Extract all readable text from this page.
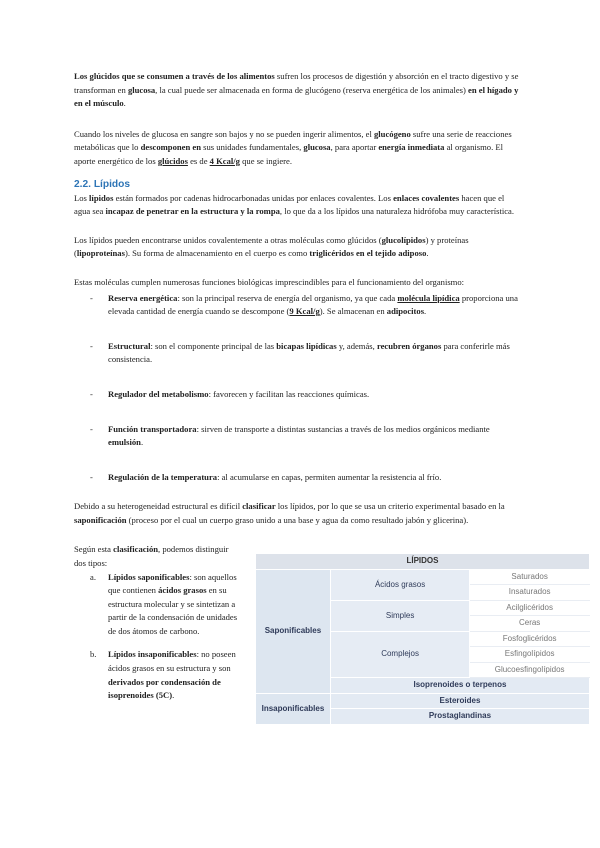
Los glúcidos que se consumen a través de los alimentos sufren los procesos de digestión y absorción en el tracto digestivo y se transforman en glucosa, la cual puede ser almacenada en forma de glucógeno (reserva energética de los animales) en el hígado y en el músculo.

Cuando los niveles de glucosa en sangre son bajos y no se pueden ingerir alimentos, el glucógeno sufre una serie de reacciones metabólicas que lo descomponen en sus unidades fundamentales, glucosa, para aportar energía inmediata al organismo. El aporte energético de los glúcidos es de 4 Kcal/g que se ingiere.

2.2. Lípidos

Los lípidos están formados por cadenas hidrocarbonadas unidas por enlaces covalentes. Los enlaces covalentes hacen que el agua sea incapaz de penetrar en la estructura y la rompa, lo que da a los lípidos una naturaleza hidrófoba muy característica.

Los lípidos pueden encontrarse unidos covalentemente a otras moléculas como glúcidos (glucolípidos) y proteínas (lipoproteínas). Su forma de almacenamiento en el cuerpo es como triglicéridos en el tejido adiposo.

Estas moléculas cumplen numerosas funciones biológicas imprescindibles para el funcionamiento del organismo:

- Reserva energética: son la principal reserva de energía del organismo, ya que cada molécula lipídica proporciona una elevada cantidad de energía cuando se descompone (9 Kcal/g). Se almacenan en adipocitos.
- Estructural: son el componente principal de las bicapas lipídicas y, además, recubren órganos para conferirle más consistencia.
- Regulador del metabolismo: favorecen y facilitan las reacciones químicas.
- Función transportadora: sirven de transporte a distintas sustancias a través de los medios orgánicos mediante emulsión.
- Regulación de la temperatura: al acumularse en capas, permiten aumentar la resistencia al frío.

Debido a su heterogeneidad estructural es difícil clasificar los lípidos, por lo que se usa un criterio experimental basado en la saponificación (proceso por el cual un cuerpo graso unido a una base y agua da como resultado jabón y glicerina).

Según esta clasificación, podemos distinguir dos tipos:

a. Lípidos saponificables: son aquellos que contienen ácidos grasos en su estructura molecular y se sintetizan a partir de la condensación de unidades de dos átomos de carbono.
b. Lípidos insaponificables: no poseen ácidos grasos en su estructura y son derivados por condensación de isoprenoides (5C).
LÍPIDOS		
Saponificables	Ácidos grasos	Saturados
		Insaturados
	Simples	Acilglicéridos
		Ceras
	Complejos	Fosfoglicéridos
		Esfingolípidos
		Glucoesfingolípidos
	Isoprenoides o terpenos	
Insaponificables	Esteroides	
	Prostaglandinas	
